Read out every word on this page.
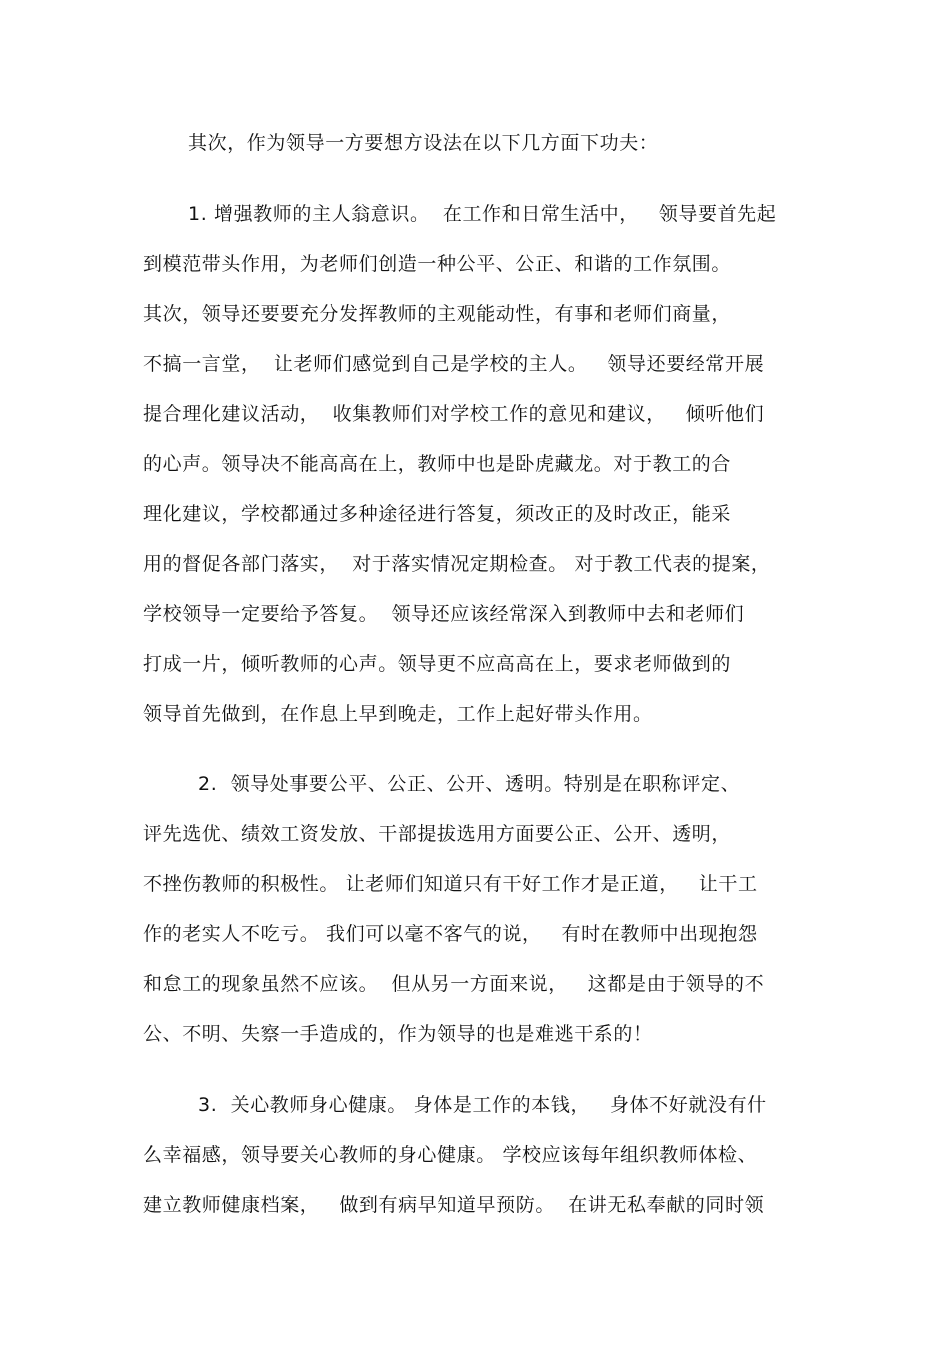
其次，作为领导一方要想方设法在以下几方面下功夫：
1. 增强教师的主人翁意识。  在工作和日常生活中，   领导要首先起
到模范带头作用，为老师们创造一种公平、公正、和谐的工作氛围。
其次，领导还要要充分发挥教师的主观能动性，有事和老师们商量，
不搞一言堂，  让老师们感觉到自己是学校的主人。   领导还要经常开展
提合理化建议活动，  收集教师们对学校工作的意见和建议，   倾听他们
的心声。领导决不能高高在上，教师中也是卧虎藏龙。对于教工的合
理化建议，学校都通过多种途径进行答复，须改正的及时改正，能采
用的督促各部门落实，  对于落实情况定期检查。 对于教工代表的提案，
学校领导一定要给予答复。  领导还应该经常深入到教师中去和老师们
打成一片，倾听教师的心声。领导更不应高高在上，要求老师做到的
领导首先做到，在作息上早到晚走，工作上起好带头作用。
2.  领导处事要公平、公正、公开、透明。特别是在职称评定、
评先选优、绩效工资发放、干部提拔选用方面要公正、公开、透明，
不挫伤教师的积极性。 让老师们知道只有干好工作才是正道，   让干工
作的老实人不吃亏。 我们可以毫不客气的说，   有时在教师中出现抱怨
和怠工的现象虽然不应该。  但从另一方面来说，   这都是由于领导的不
公、不明、失察一手造成的，作为领导的也是难逃干系的！
3.  关心教师身心健康。 身体是工作的本钱，   身体不好就没有什
么幸福感，领导要关心教师的身心健康。 学校应该每年组织教师体检、
建立教师健康档案，   做到有病早知道早预防。  在讲无私奉献的同时领
